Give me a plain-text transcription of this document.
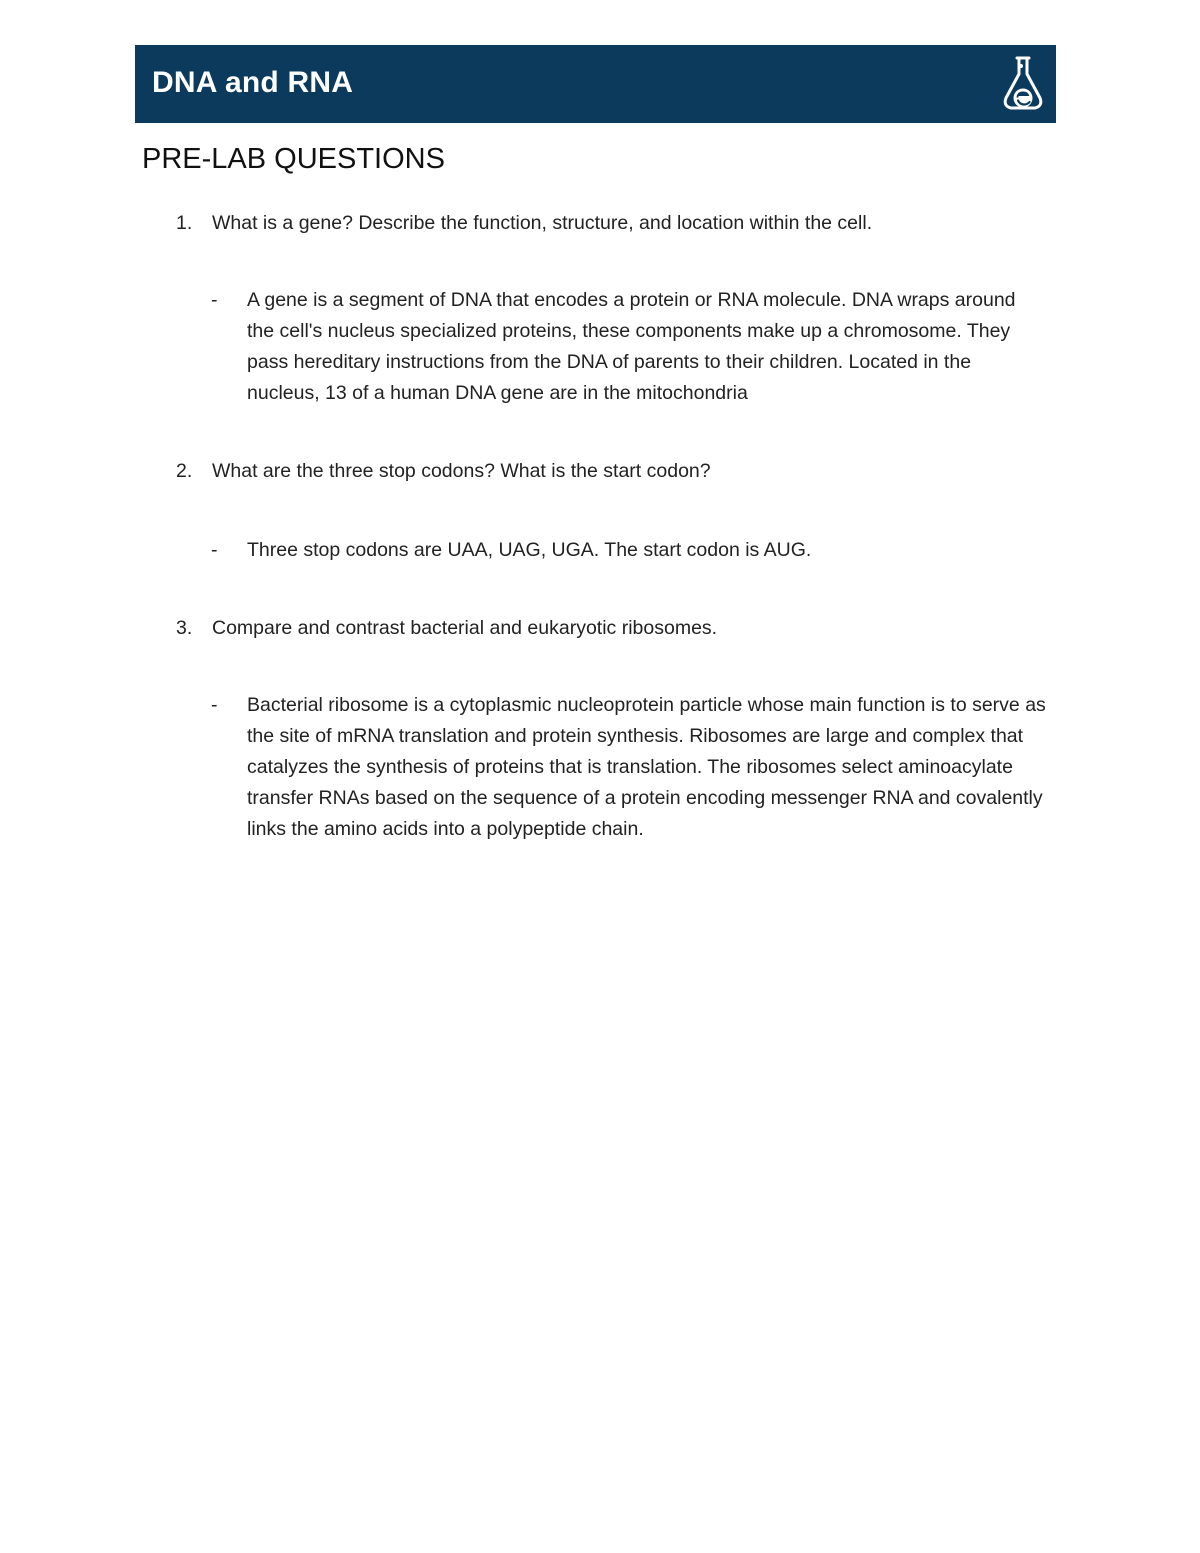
DNA and RNA
PRE-LAB QUESTIONS
1. What is a gene? Describe the function, structure, and location within the cell.
- A gene is a segment of DNA that encodes a protein or RNA molecule. DNA wraps around the cell's nucleus specialized proteins, these components make up a chromosome. They pass hereditary instructions from the DNA of parents to their children. Located in the nucleus, 13 of a human DNA gene are in the mitochondria
2. What are the three stop codons? What is the start codon?
- Three stop codons are UAA, UAG, UGA. The start codon is AUG.
3. Compare and contrast bacterial and eukaryotic ribosomes.
- Bacterial ribosome is a cytoplasmic nucleoprotein particle whose main function is to serve as the site of mRNA translation and protein synthesis. Ribosomes are large and complex that catalyzes the synthesis of proteins that is translation. The ribosomes select aminoacylate transfer RNAs based on the sequence of a protein encoding messenger RNA and covalently links the amino acids into a polypeptide chain.
